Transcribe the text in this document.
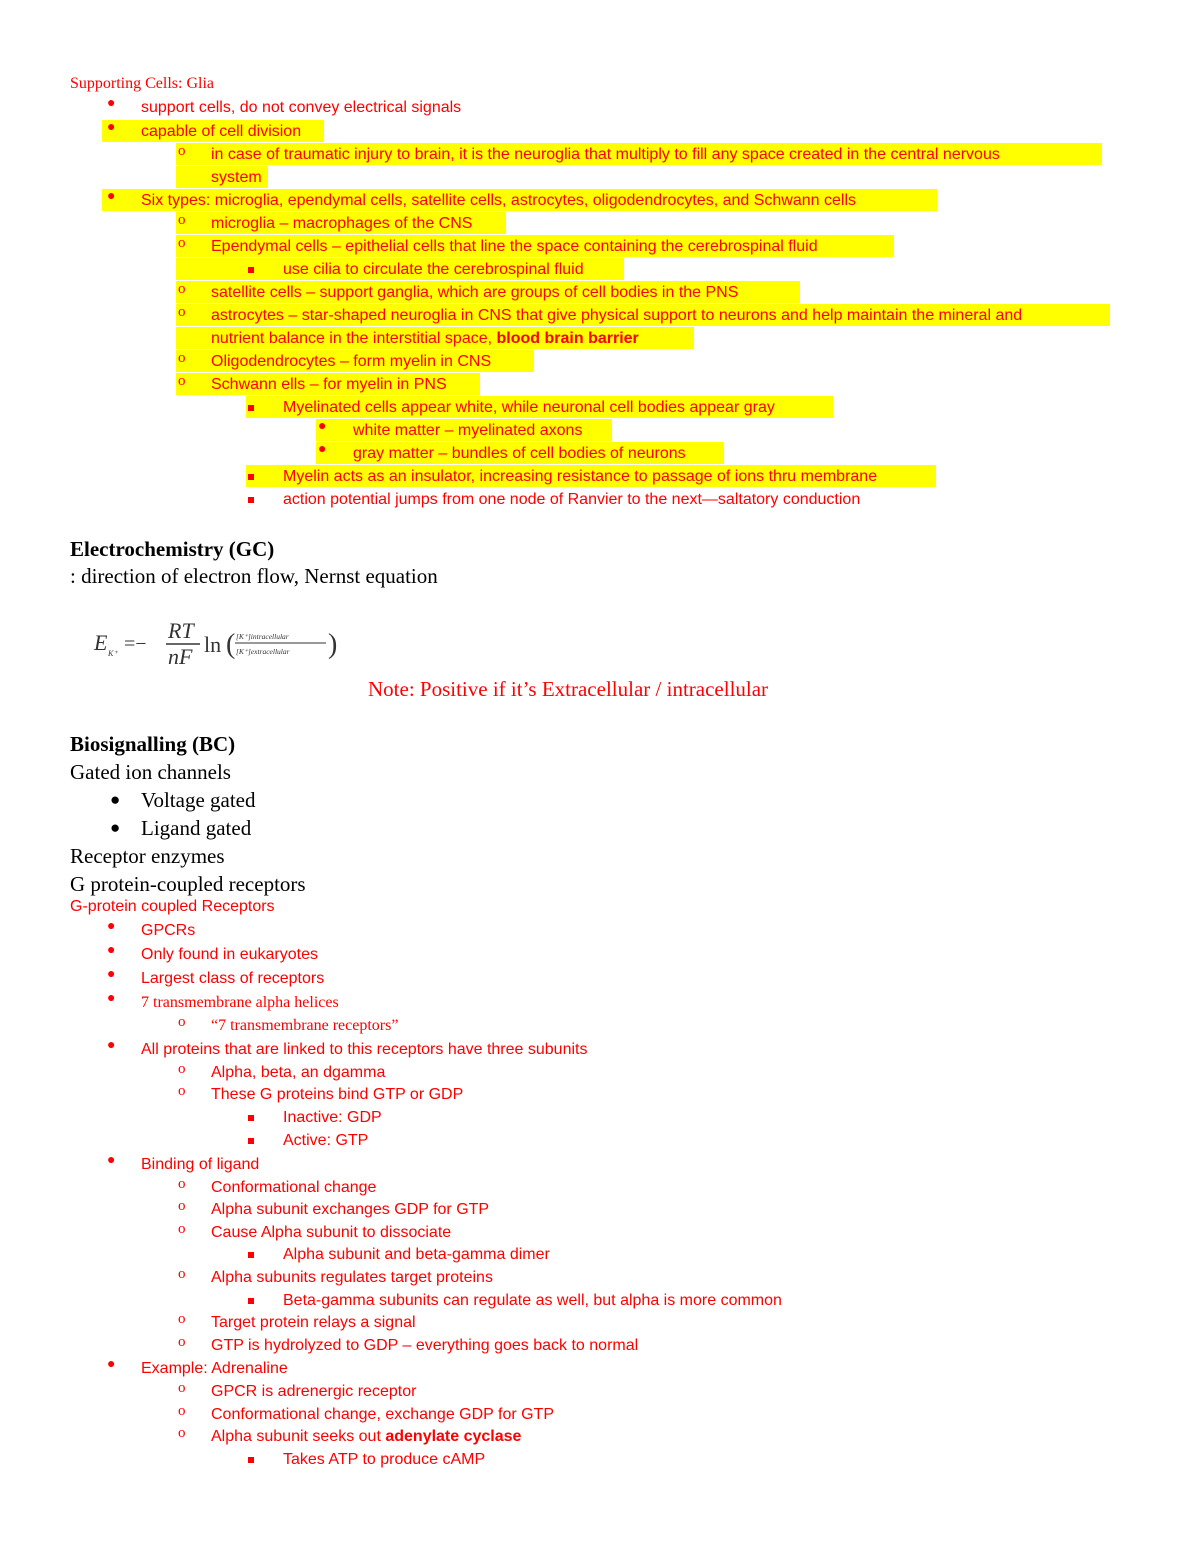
Supporting Cells: Glia
● support cells, do not convey electrical signals
● capable of cell division
o in case of traumatic injury to brain, it is the neuroglia that multiply to fill any space created in the central nervous
system
● Six types: microglia, ependymal cells, satellite cells, astrocytes, oligodendrocytes, and Schwann cells
o microglia – macrophages of the CNS
o Ependymal cells – epithelial cells that line the space containing the cerebrospinal fluid
use cilia to circulate the cerebrospinal fluid
o satellite cells – support ganglia, which are groups of cell bodies in the PNS
o astrocytes – star-shaped neuroglia in CNS that give physical support to neurons and help maintain the mineral and
nutrient balance in the interstitial space, blood brain barrier
o Oligodendrocytes – form myelin in CNS
o Schwann ells – for myelin in PNS
Myelinated cells appear white, while neuronal cell bodies appear gray
● white matter – myelinated axons
● gray matter – bundles of cell bodies of neurons
Myelin acts as an insulator, increasing resistance to passage of ions thru membrane
action potential jumps from one node of Ranvier to the next—saltatory conduction
Electrochemistry (GC)
: direction of electron flow, Nernst equation
E K⁺ =−
RT
nF ln ( [K⁺]intracellular
[K⁺]extracellular )
Note: Positive if it’s Extracellular / intracellular
Biosignalling (BC)
Gated ion channels
● Voltage gated
● Ligand gated
Receptor enzymes
G protein-coupled receptors
G-protein coupled Receptors
● GPCRs
● Only found in eukaryotes
● Largest class of receptors
● 7 transmembrane alpha helices
o “7 transmembrane receptors”
● All proteins that are linked to this receptors have three subunits
o Alpha, beta, an dgamma
o These G proteins bind GTP or GDP
Inactive: GDP
Active: GTP
● Binding of ligand
o Conformational change
o Alpha subunit exchanges GDP for GTP
o Cause Alpha subunit to dissociate
Alpha subunit and beta-gamma dimer
o Alpha subunits regulates target proteins
Beta-gamma subunits can regulate as well, but alpha is more common
o Target protein relays a signal
o GTP is hydrolyzed to GDP – everything goes back to normal
● Example: Adrenaline
o GPCR is adrenergic receptor
o Conformational change, exchange GDP for GTP
o Alpha subunit seeks out adenylate cyclase
Takes ATP to produce cAMP
